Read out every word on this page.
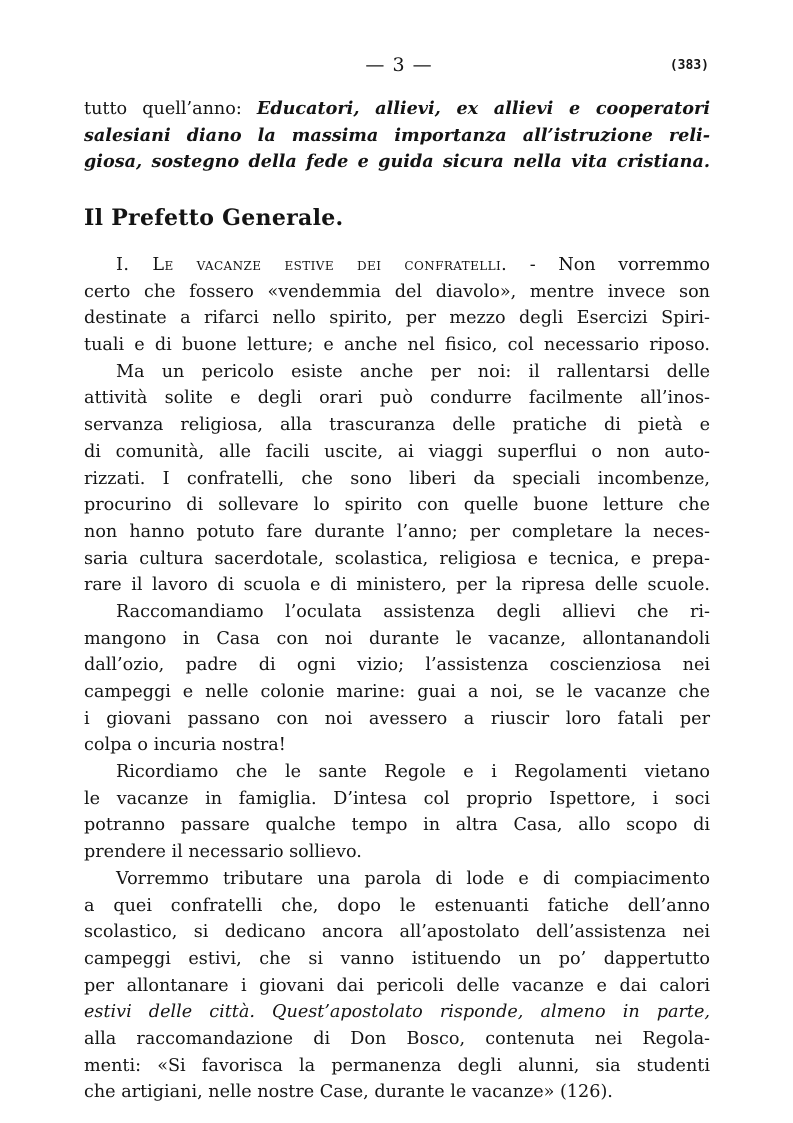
— 3 —	(383)
tutto quell’anno: Educatori, allievi, ex allievi e cooperatori
salesiani diano la massima importanza all’istruzione reli-
giosa, sostegno della fede e guida sicura nella vita cristiana.
Il Prefetto Generale.
I. Le vacanze estive dei confratelli. - Non vorremmo
certo che fossero «vendemmia del diavolo», mentre invece son
destinate a rifarci nello spirito, per mezzo degli Esercizi Spiri-
tuali e di buone letture; e anche nel fisico, col necessario riposo.
Ma un pericolo esiste anche per noi: il rallentarsi delle
attività solite e degli orari può condurre facilmente all’inos-
servanza religiosa, alla trascuranza delle pratiche di pietà e
di comunità, alle facili uscite, ai viaggi superflui o non auto-
rizzati. I confratelli, che sono liberi da speciali incombenze,
procurino di sollevare lo spirito con quelle buone letture che
non hanno potuto fare durante l’anno; per completare la neces-
saria cultura sacerdotale, scolastica, religiosa e tecnica, e prepa-
rare il lavoro di scuola e di ministero, per la ripresa delle scuole.
Raccomandiamo l’oculata assistenza degli allievi che ri-
mangono in Casa con noi durante le vacanze, allontanandoli
dall’ozio, padre di ogni vizio; l’assistenza coscienziosa nei
campeggi e nelle colonie marine: guai a noi, se le vacanze che
i giovani passano con noi avessero a riuscir loro fatali per
colpa o incuria nostra!
Ricordiamo che le sante Regole e i Regolamenti vietano
le vacanze in famiglia. D’intesa col proprio Ispettore, i soci
potranno passare qualche tempo in altra Casa, allo scopo di
prendere il necessario sollievo.
Vorremmo tributare una parola di lode e di compiacimento
a quei confratelli che, dopo le estenuanti fatiche dell’anno
scolastico, si dedicano ancora all’apostolato dell’assistenza nei
campeggi estivi, che si vanno istituendo un po’ dappertutto
per allontanare i giovani dai pericoli delle vacanze e dai calori
estivi delle città. Quest’apostolato risponde, almeno in parte,
alla raccomandazione di Don Bosco, contenuta nei Regola-
menti: «Si favorisca la permanenza degli alunni, sia studenti
che artigiani, nelle nostre Case, durante le vacanze» (126).
